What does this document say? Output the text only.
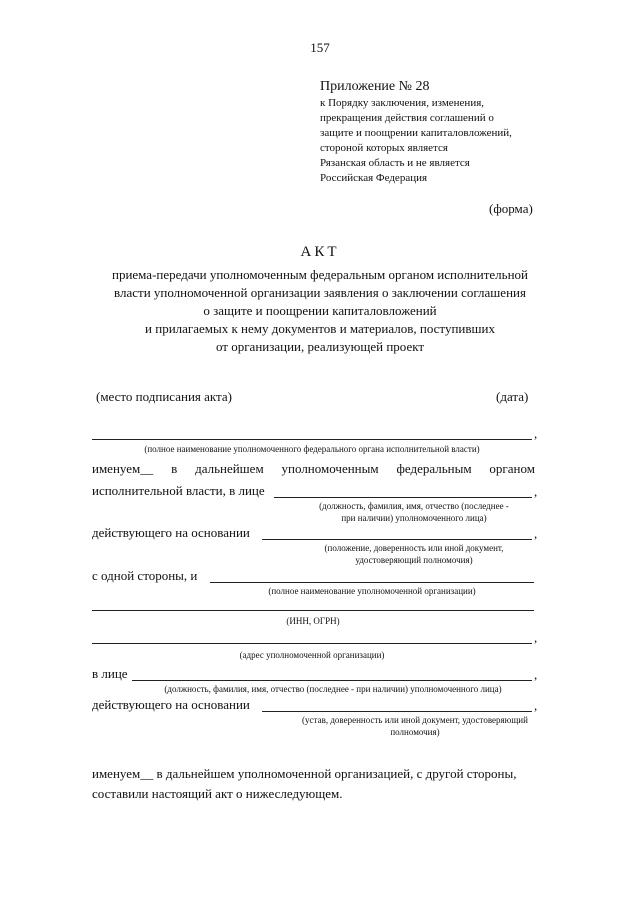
157
Приложение № 28
к Порядку заключения, изменения,
прекращения действия соглашений о
защите и поощрении капиталовложений,
стороной которых является
Рязанская область и не является
Российская Федерация
(форма)
АКТ
приема-передачи уполномоченным федеральным органом исполнительной
власти уполномоченной организации заявления о заключении соглашения
о защите и поощрении капиталовложений
и прилагаемых к нему документов и материалов, поступивших
от организации, реализующей проект
(место подписания акта)	(дата)
,
(полное наименование уполномоченного федерального органа исполнительной власти)
именуем__ в дальнейшем уполномоченным федеральным органом
исполнительной власти, в лице	,
(должность, фамилия, имя, отчество (последнее -
при наличии) уполномоченного лица)
действующего на основании	,
(положение, доверенность или иной документ,
удостоверяющий полномочия)
с одной стороны, и
(полное наименование уполномоченной организации)
(ИНН, ОГРН)
,
(адрес уполномоченной организации)
в лице	,
(должность, фамилия, имя, отчество (последнее - при наличии) уполномоченного лица)
действующего на основании	,
(устав, доверенность или иной документ, удостоверяющий
полномочия)
именуем__ в дальнейшем уполномоченной организацией, с другой стороны,
составили настоящий акт о нижеследующем.
